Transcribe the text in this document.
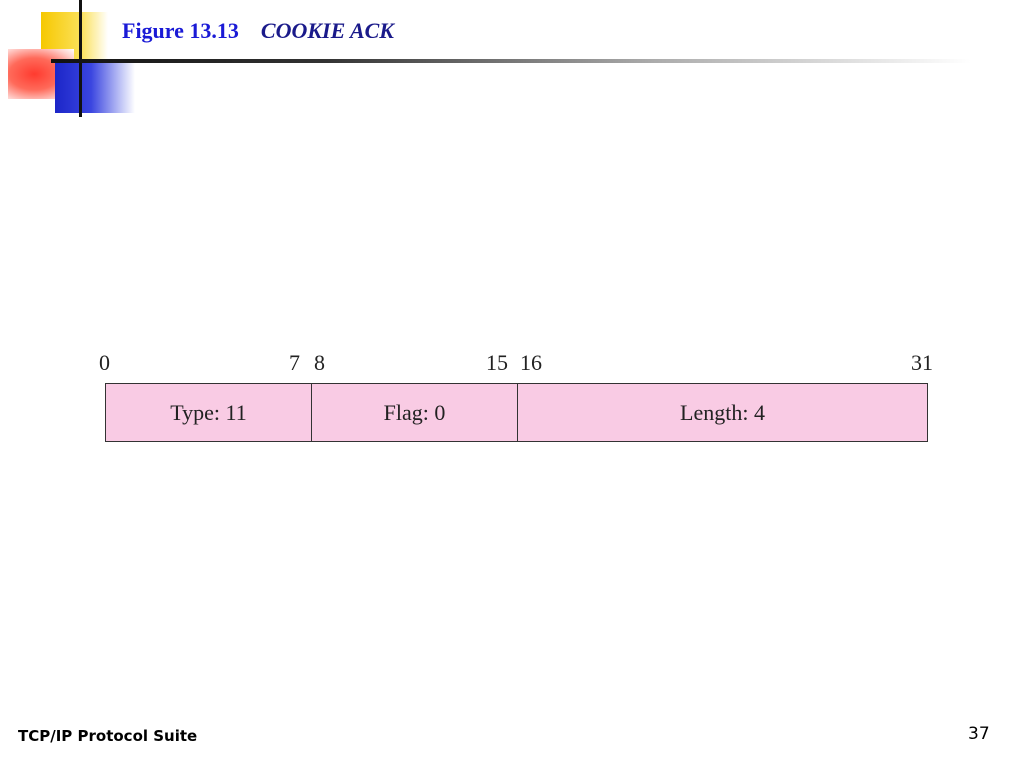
Figure 13.13 COOKIE ACK
0	7 8	15 16	31
Type: 11	Flag: 0	Length: 4
TCP/IP Protocol Suite	37
